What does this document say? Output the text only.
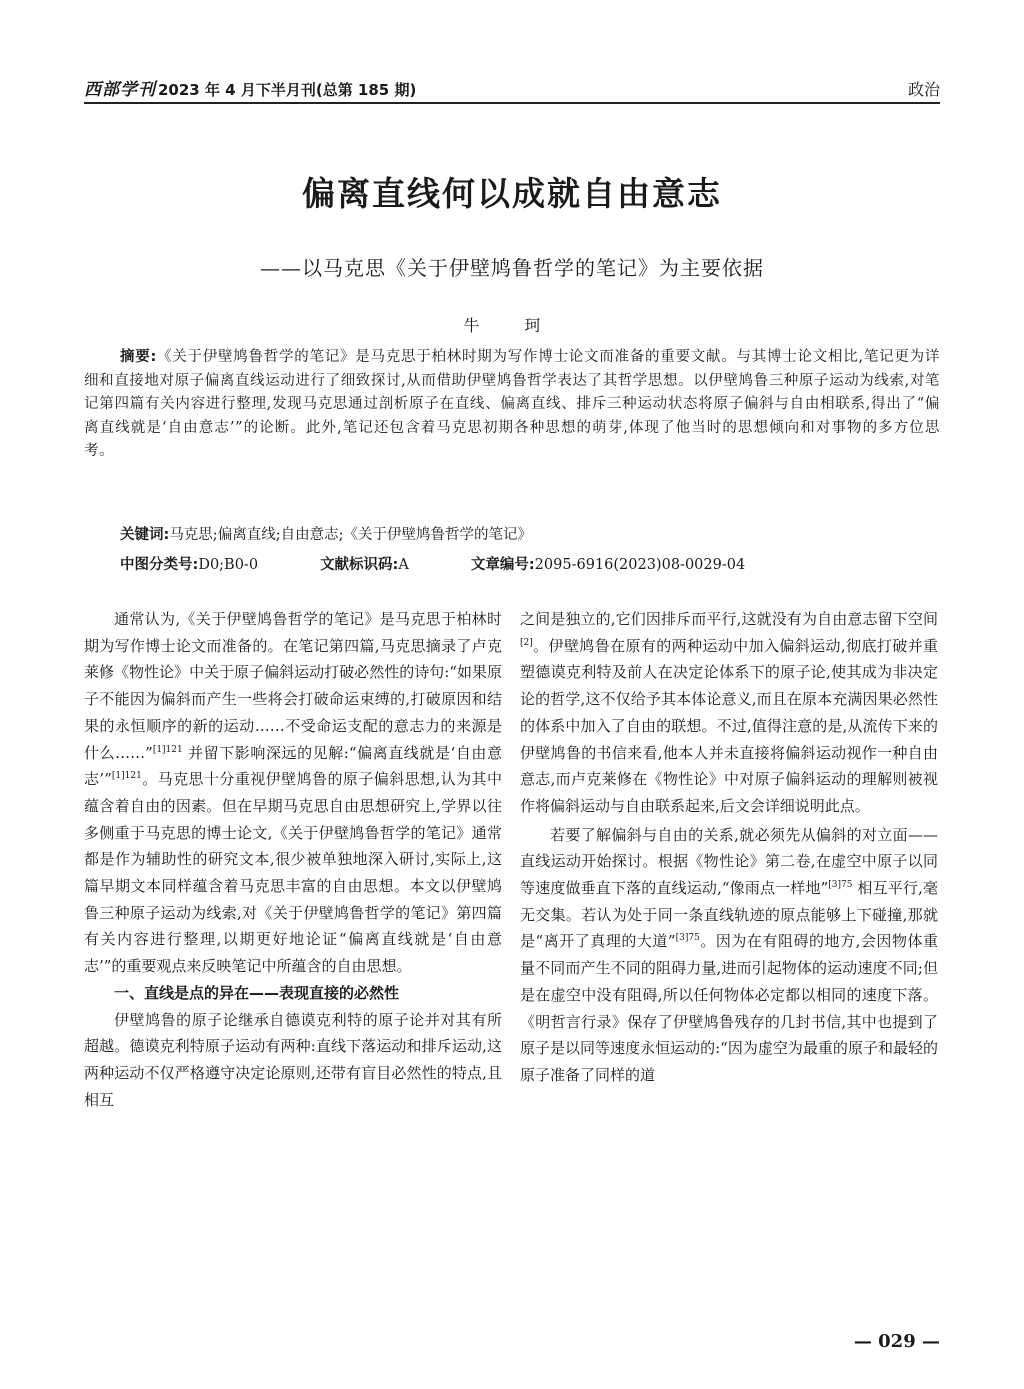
西部学刊 2023 年 4 月下半月刊(总第 185 期)	政治
偏离直线何以成就自由意志
——以马克思《关于伊壁鸠鲁哲学的笔记》为主要依据
牛 珂

摘要:《关于伊壁鸠鲁哲学的笔记》是马克思于柏林时期为写作博士论文而准备的重要文献。与其博士论文相比,笔记更为详细和直接地对原子偏离直线运动进行了细致探讨,从而借助伊壁鸠鲁哲学表达了其哲学思想。以伊壁鸠鲁三种原子运动为线索,对笔记第四篇有关内容进行整理,发现马克思通过剖析原子在直线、偏离直线、排斥三种运动状态将原子偏斜与自由相联系,得出了“偏离直线就是‘自由意志’”的论断。此外,笔记还包含着马克思初期各种思想的萌芽,体现了他当时的思想倾向和对事物的多方位思考。

关键词:马克思;偏离直线;自由意志;《关于伊壁鸠鲁哲学的笔记》
中图分类号:D0;B0-0	文献标识码:A	文章编号:2095-6916(2023)08-0029-04

通常认为,《关于伊壁鸠鲁哲学的笔记》是马克思于柏林时期为写作博士论文而准备的。在笔记第四篇,马克思摘录了卢克莱修《物性论》中关于原子偏斜运动打破必然性的诗句:“如果原子不能因为偏斜而产生一些将会打破命运束缚的,打破原因和结果的永恒顺序的新的运动……不受命运支配的意志力的来源是什么……”$^{[1]121}$ 并留下影响深远的见解:“偏离直线就是‘自由意志’”$^{[1]121}$。马克思十分重视伊壁鸠鲁的原子偏斜思想,认为其中蕴含着自由的因素。但在早期马克思自由思想研究上,学界以往多侧重于马克思的博士论文,《关于伊壁鸠鲁哲学的笔记》通常都是作为辅助性的研究文本,很少被单独地深入研讨,实际上,这篇早期文本同样蕴含着马克思丰富的自由思想。本文以伊壁鸠鲁三种原子运动为线索,对《关于伊壁鸠鲁哲学的笔记》第四篇有关内容进行整理,以期更好地论证“偏离直线就是‘自由意志’”的重要观点来反映笔记中所蕴含的自由思想。

一、直线是点的异在——表现直接的必然性

伊壁鸠鲁的原子论继承自德谟克利特的原子论并对其有所超越。德谟克利特原子运动有两种:直线下落运动和排斥运动,这两种运动不仅严格遵守决定论原则,还带有盲目必然性的特点,且相互

之间是独立的,它们因排斥而平行,这就没有为自由意志留下空间[2]。伊壁鸠鲁在原有的两种运动中加入偏斜运动,彻底打破并重塑德谟克利特及前人在决定论体系下的原子论,使其成为非决定论的哲学,这不仅给予其本体论意义,而且在原本充满因果必然性的体系中加入了自由的联想。不过,值得注意的是,从流传下来的伊壁鸠鲁的书信来看,他本人并未直接将偏斜运动视作一种自由意志,而卢克莱修在《物性论》中对原子偏斜运动的理解则被视作将偏斜运动与自由联系起来,后文会详细说明此点。

若要了解偏斜与自由的关系,就必须先从偏斜的对立面——直线运动开始探讨。根据《物性论》第二卷,在虚空中原子以同等速度做垂直下落的直线运动,“像雨点一样地”$^{[3]75}$ 相互平行,毫无交集。若认为处于同一条直线轨迹的原点能够上下碰撞,那就是“离开了真理的大道”$^{[3]75}$。因为在有阻碍的地方,会因物体重量不同而产生不同的阻碍力量,进而引起物体的运动速度不同;但是在虚空中没有阻碍,所以任何物体必定都以相同的速度下落。《明哲言行录》保存了伊壁鸠鲁残存的几封书信,其中也提到了原子是以同等速度永恒运动的:“因为虚空为最重的原子和最轻的原子准备了同样的道

— 029 —
